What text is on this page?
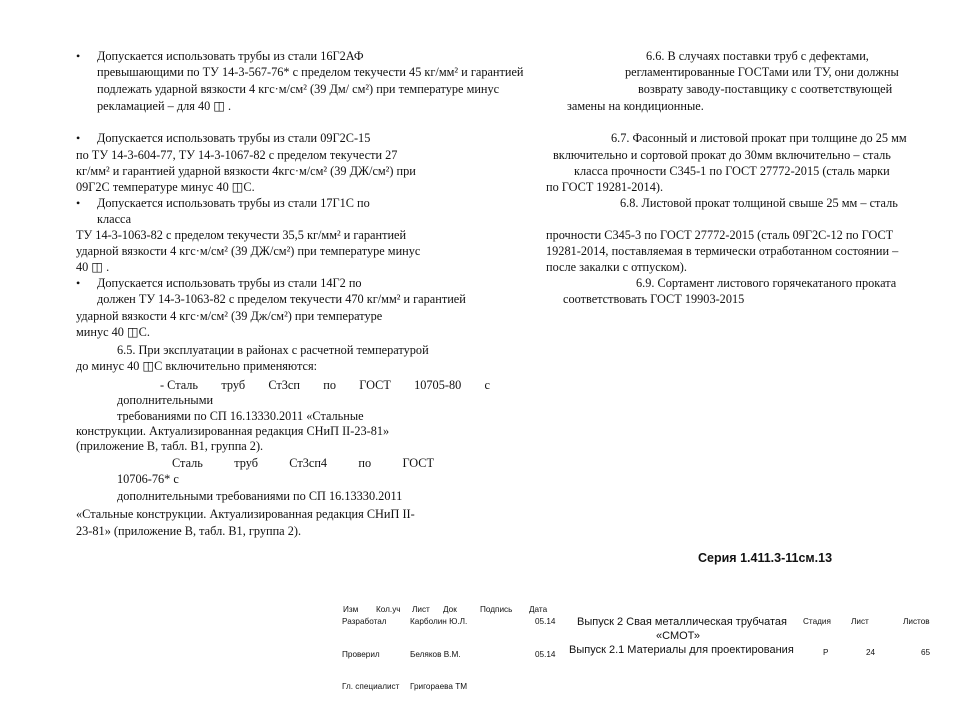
• Допускается использовать трубы из стали 16Г2АФ
превышающими по ТУ 14-3-567-76* с пределом текучести 45 кг/мм² и гарантией
подлежать ударной вязкости 4 кгс·м/см² (39 Дм/ см²) при температуре минус
рекламацией – для 40 ◫ .
• Допускается использовать трубы из стали 09Г2С-15
по ТУ 14-3-604-77, ТУ 14-3-1067-82 с пределом текучести 27
кг/мм² и гарантией ударной вязкости 4кгс·м/см² (39 ДЖ/см²) при
09Г2С температуре минус 40 ◫С.
• Допускается использовать трубы из стали 17Г1С по
класса
ТУ 14-3-1063-82 с пределом текучести 35,5 кг/мм² и гарантией
ударной вязкости 4 кгс·м/см² (39 ДЖ/см²) при температуре минус
40 ◫ .
• Допускается использовать трубы из стали 14Г2 по
должен ТУ 14-3-1063-82 с пределом текучести 470 кг/мм² и гарантией
ударной вязкости 4 кгс·м/см² (39 Дж/см²) при температуре
минус 40 ◫С.
6.5. При эксплуатации в районах с расчетной температурой
до минус 40 ◫С включительно применяются:
- Сталь труб Ст3сп по ГОСТ 10705-80 с
дополнительными
требованиями по СП 16.13330.2011 «Стальные
конструкции. Актуализированная редакция СНиП II-23-81»
(приложение В, табл. В1, группа 2).
Сталь	труб	Ст3сп4	по	ГОСТ
10706-76* с
дополнительными требованиями по СП 16.13330.2011
«Стальные конструкции. Актуализированная редакция СНиП II-
23-81» (приложение В, табл. В1, группа 2).
6.6. В случаях поставки труб с дефектами,
регламентированные ГОСТами или ТУ, они должны
возврату заводу-поставщику с соответствующей
замены на кондиционные.
6.7. Фасонный и листовой прокат при толщине до 25 мм
включительно и сортовой прокат до 30мм включительно – сталь
класса прочности С345-1 по ГОСТ 27772-2015 (сталь марки
по ГОСТ 19281-2014).
6.8. Листовой прокат толщиной свыше 25 мм – сталь
прочности С345-3 по ГОСТ 27772-2015 (сталь 09Г2С-12 по ГОСТ
19281-2014, поставляемая в термически отработанном состоянии –
после закалки с отпуском).
6.9. Сортамент листового горячекатаного проката
соответствовать ГОСТ 19903-2015
Серия 1.411.3-11см.13
Изм Кол.уч Лист Док	Подпись Дата
Разработал	Карболин Ю.Л.	05.14
Проверил	Беляков В.М.	05.14
Гл. специалист Григораева ТМ
Выпуск 2 Свая металлическая трубчатая
«СМОТ»
Выпуск 2.1 Материалы для проектирования
Стадия Лист	Листов
Р	24	65
